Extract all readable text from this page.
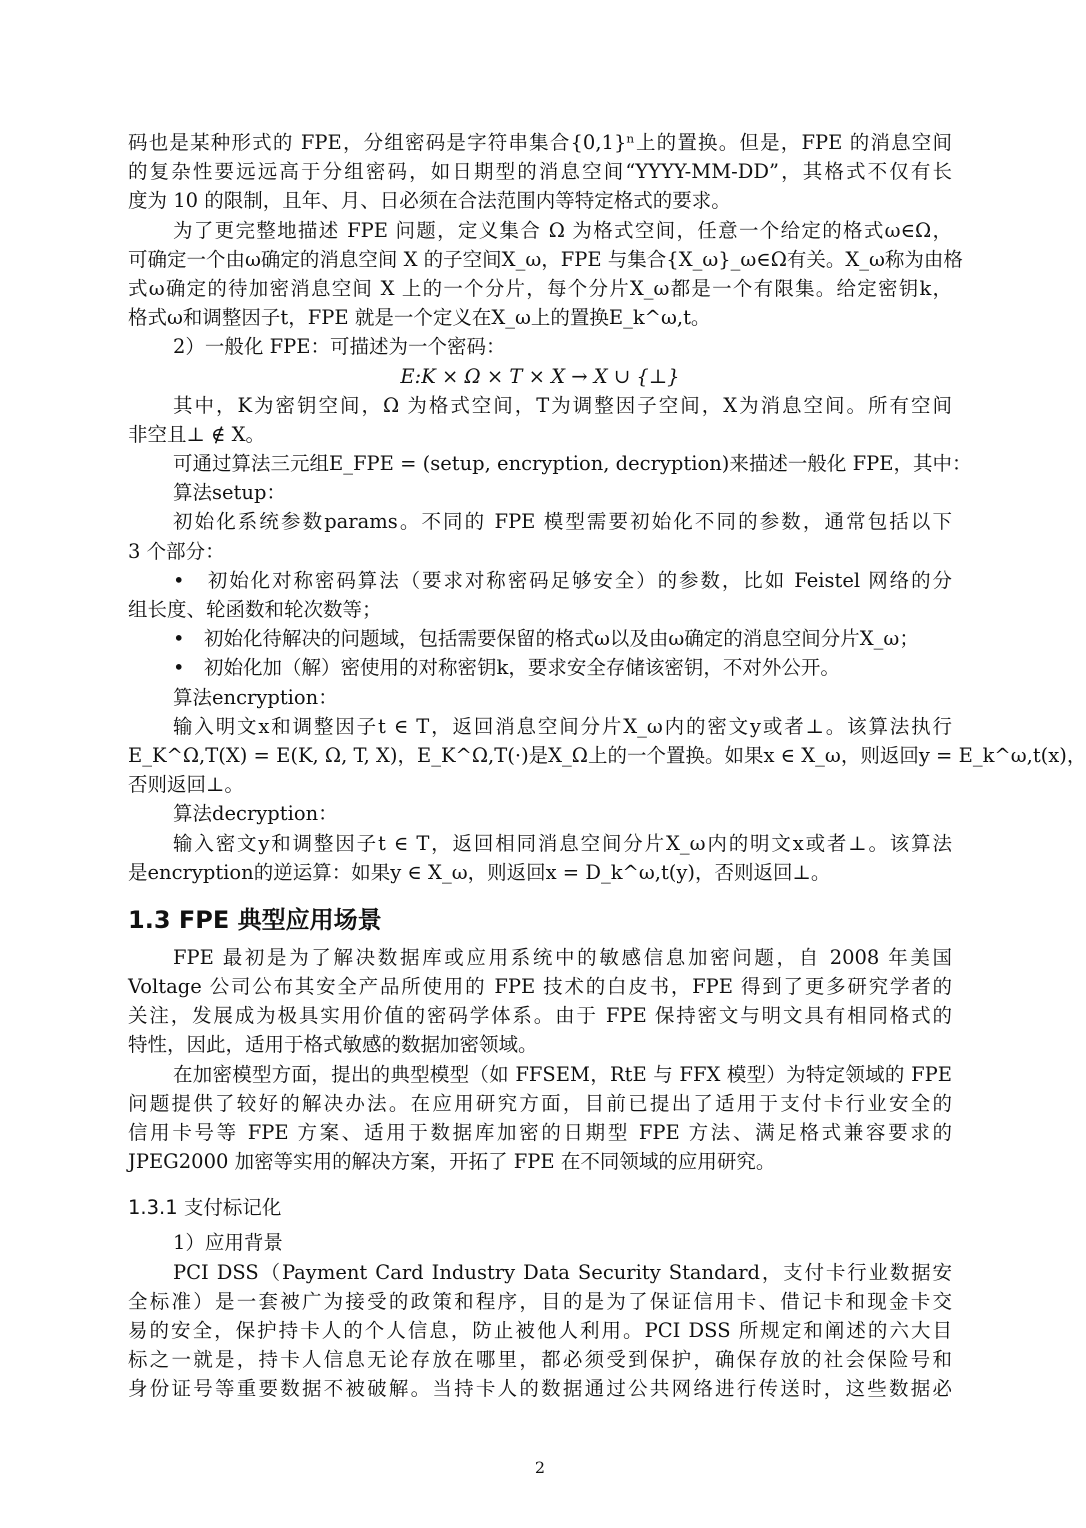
码也是某种形式的 FPE，分组密码是字符串集合{0,1}ⁿ上的置换。但是，FPE 的消息空间
的复杂性要远远高于分组密码，如日期型的消息空间“YYYY-MM-DD”，其格式不仅有长
度为 10 的限制，且年、月、日必须在合法范围内等特定格式的要求。
为了更完整地描述 FPE 问题，定义集合 Ω 为格式空间，任意一个给定的格式ω∈Ω，
可确定一个由ω确定的消息空间 X 的子空间X_ω，FPE 与集合{X_ω}_ω∈Ω有关。X_ω称为由格
式ω确定的待加密消息空间 X 上的一个分片，每个分片X_ω都是一个有限集。给定密钥k，
格式ω和调整因子t，FPE 就是一个定义在X_ω上的置换E_k^ω,t。
2）一般化 FPE：可描述为一个密码：
E:K × Ω × T × X → X ∪ {⊥}
其中，K为密钥空间，Ω 为格式空间，T为调整因子空间，X为消息空间。所有空间
非空且⊥ ∉ X。
可通过算法三元组E_FPE = (setup, encryption, decryption)来描述一般化 FPE，其中：
算法setup：
初始化系统参数params。不同的 FPE 模型需要初始化不同的参数，通常包括以下
3 个部分：
•　初始化对称密码算法（要求对称密码足够安全）的参数，比如 Feistel 网络的分
组长度、轮函数和轮次数等；
•　初始化待解决的问题域，包括需要保留的格式ω以及由ω确定的消息空间分片X_ω；
•　初始化加（解）密使用的对称密钥k，要求安全存储该密钥，不对外公开。
算法encryption：
输入明文x和调整因子t ∈ T，返回消息空间分片X_ω内的密文y或者⊥。该算法执行
E_K^Ω,T(X) = E(K, Ω, T, X)，E_K^Ω,T(·)是X_Ω上的一个置换。如果x ∈ X_ω，则返回y = E_k^ω,t(x)，
否则返回⊥。
算法decryption：
输入密文y和调整因子t ∈ T，返回相同消息空间分片X_ω内的明文x或者⊥。该算法
是encryption的逆运算：如果y ∈ X_ω，则返回x = D_k^ω,t(y)，否则返回⊥。
1.3 FPE 典型应用场景
FPE 最初是为了解决数据库或应用系统中的敏感信息加密问题，自 2008 年美国
Voltage 公司公布其安全产品所使用的 FPE 技术的白皮书，FPE 得到了更多研究学者的
关注，发展成为极具实用价值的密码学体系。由于 FPE 保持密文与明文具有相同格式的
特性，因此，适用于格式敏感的数据加密领域。
在加密模型方面，提出的典型模型（如 FFSEM，RtE 与 FFX 模型）为特定领域的 FPE
问题提供了较好的解决办法。在应用研究方面，目前已提出了适用于支付卡行业安全的
信用卡号等 FPE 方案、适用于数据库加密的日期型 FPE 方法、满足格式兼容要求的
JPEG2000 加密等实用的解决方案，开拓了 FPE 在不同领域的应用研究。
1.3.1 支付标记化
1）应用背景
PCI DSS（Payment Card Industry Data Security Standard，支付卡行业数据安
全标准）是一套被广为接受的政策和程序，目的是为了保证信用卡、借记卡和现金卡交
易的安全，保护持卡人的个人信息，防止被他人利用。PCI DSS 所规定和阐述的六大目
标之一就是，持卡人信息无论存放在哪里，都必须受到保护，确保存放的社会保险号和
身份证号等重要数据不被破解。当持卡人的数据通过公共网络进行传送时，这些数据必
2
